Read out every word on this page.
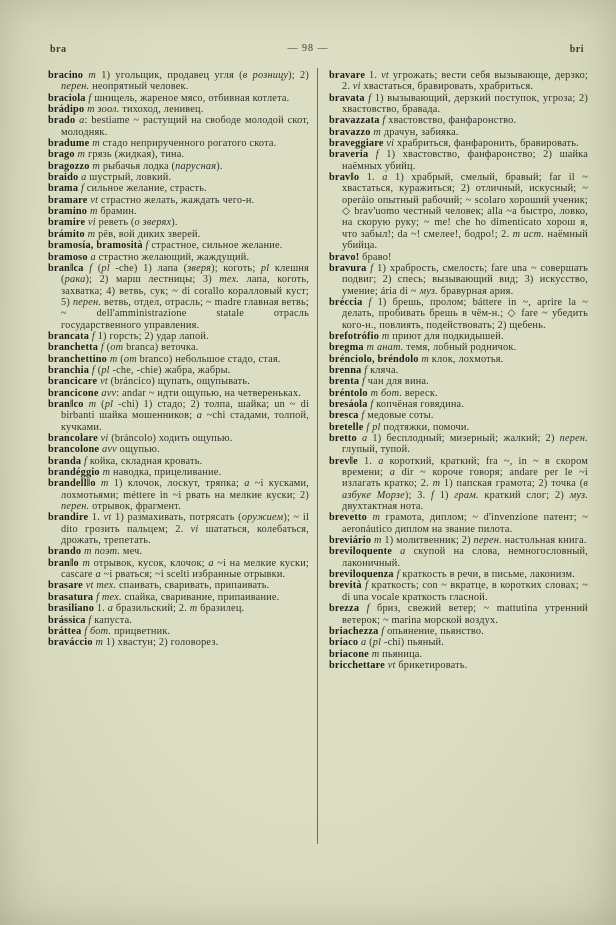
bra	— 98 —	bri

bracino m 1) угольщик, продавец угля (в розницу); 2) перен. неопрятный человек.

braciola f шницель, жареное мясо, отбивная котлета.

brádipo m зоол. тихоход, ленивец.

brado a: bestiame ~ растущий на свободе молодой скот, молодняк.

bradume m стадо неприрученного рогатого скота.

brago m грязь (жидкая), тина.

bragozzo m рыбачья лодка (парусная).

braido a шустрый, ловкий.

brama f сильное желание, страсть.

bramare vt страстно желать, жаждать чего-н.

bramino m брамин.

bramire vi реветь (о зверях).

brámito m рёв, вой диких зверей.

bramosía, bramosità f страстное, сильное желание.

bramoso a страстно желающий, жаждущий.

bran‖ca f (pl -che) 1) лапа (зверя); коготь; pl клешня (рака); 2) марш лестницы; 3) тех. лапа, коготь, захватка; 4) ветвь, сук; ~ di corallo коралловый куст; 5) перен. ветвь, отдел, отрасль; ~ madre главная ветвь; ~ dell'amministrazione statale отрасль государственного управления.

brancata f 1) горсть; 2) удар лапой.

branchetta f (от branca) веточка.

branchettino m (от branco) небольшое стадо, стая.

branchia f (pl -che, -chie) жабра, жабры.

brancicare vt (bráncico) щупать, ощупывать.

brancicone avv: andar ~ идти ощупью, на четвереньках.

bran‖co m (pl -chi) 1) стадо; 2) толпа, шайка; un ~ di birbanti шайка мошенников; a ~chi стадами, толпой, кучками.

brancolare vi (bráncolo) ходить ощупью.

brancolone avv ощупью.

branda f койка, складная кровать.

brandéggio m наводка, прицеливание.

brandell‖o m 1) клочок, лоскут, тряпка; a ~i кусками, лохмотьями; méttere in ~i рвать на мелкие куски; 2) перен. отрывок, фрагмент.

brandire 1. vt 1) размахивать, потрясать (оружием); ~ il dito грозить пальцем; 2. vi шататься, колебаться, дрожать, трепетать.

brando m поэт. меч.

bran‖o m отрывок, кусок, клочок; a ~i на мелкие куски; cascare a ~i рваться; ~i scelti избранные отрывки.

brasare vt тех. спаивать, сваривать, припаивать.

brasatura f тех. спайка, сваривание, припаивание.

brasiliano 1. a бразильский; 2. m бразилец.

brássica f капуста.

bráttea f бот. прицветник.

braváccio m 1) хвастун; 2) головорез.

bravare 1. vt угрожать; вести себя вызывающе, дерзко; 2. vi хвастаться, бравировать, храбриться.

bravata f 1) вызывающий, дерзкий поступок, угроза; 2) хвастовство, бравада.

bravazzata f хвастовство, фанфаронство.

bravazzo m драчун, забияка.

braveggiare vi храбриться, фанфаронить, бравировать.

braveria f 1) хвастовство, фанфаронство; 2) шайка наёмных убийц.

brav‖o 1. a 1) храбрый, смелый, бравый; far il ~ хвастаться, куражиться; 2) отличный, искусный; ~ operáio опытный рабочий; ~ scolaro хороший ученик; ◇ brav'uomo честный человек; alla ~a быстро, ловко, на скорую руку; ~ me! che ho dimenticato хорош я, что забыл!; da ~! смелее!, бодро!; 2. m ист. наёмный убийца.

bravo! браво!

bravura f 1) храбрость, смелость; fare una ~ совершать подвиг; 2) спесь; вызывающий вид; 3) искусство, умение; ária di ~ муз. бравурная ария.

bréccia f 1) брешь, пролом; báttere in ~, aprire la ~ делать, пробивать брешь в чём-н.; ◇ fare ~ убедить кого-н., повлиять, подействовать; 2) щебень.

brefotrófio m приют для подкидышей.

bregma m анат. темя, лобный родничок.

brénciolo, bréndolo m клок, лохмотья.

brenna f кляча.

brenta f чан для вина.

bréntolo m бот. вереск.

bresáola f копчёная говядина.

bresca f медовые соты.

bretelle f pl подтяжки, помочи.

bretto a 1) бесплодный; мизерный; жалкий; 2) перен. глупый, тупой.

brev‖e 1. a короткий, краткий; fra ~, in ~ в скором времени; a dir ~ короче говоря; andare per le ~i излагать кратко; 2. m 1) папская грамота; 2) точка (в азбуке Морзе); 3. f 1) грам. краткий слог; 2) муз. двухтактная нота.

brevetto m грамота, диплом; ~ d'invenzione патент; ~ aeronáutico диплом на звание пилота.

breviário m 1) молитвенник; 2) перен. настольная книга.

breviloquente a скупой на слова, немногословный, лаконичный.

breviloquenza f краткость в речи, в письме, лаконизм.

brevità f краткость; con ~ вкратце, в коротких словах; ~ di una vocale краткость гласной.

brezza f бриз, свежий ветер; ~ mattutina утренний ветерок; ~ marina морской воздух.

briachezza f опьянение, пьянство.

briaco a (pl -chi) пьяный.

briacone m пьяница.

bricchettare vt брикетировать.
